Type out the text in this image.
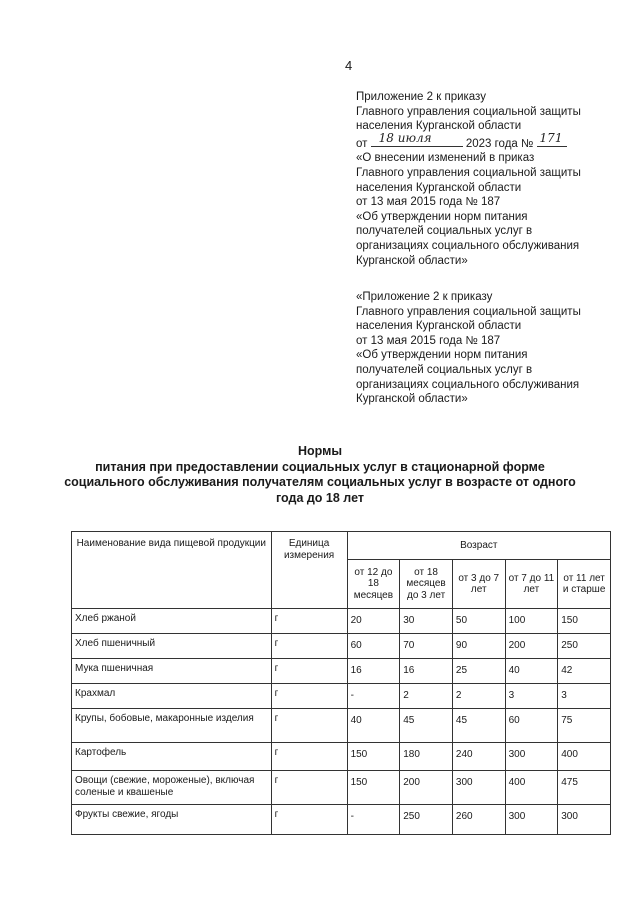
4
Приложение 2 к приказу
Главного управления социальной защиты
населения Курганской области
от 18 июля	2023 года № 171
«О внесении изменений в приказ
Главного управления социальной защиты
населения Курганской области
от 13 мая 2015 года № 187
«Об утверждении норм питания
получателей социальных услуг в
организациях социального обслуживания
Курганской области»
«Приложение 2 к приказу
Главного управления социальной защиты
населения Курганской области
от 13 мая 2015 года № 187
«Об утверждении норм питания
получателей социальных услуг в
организациях социального обслуживания
Курганской области»
Нормы
питания при предоставлении социальных услуг в стационарной форме
социального обслуживания получателям социальных услуг в возрасте от одного
года до 18 лет
Наименование вида пищевой продукции	Единица измерения	Возраст				
		от 12 до 18 месяцев	от 18 месяцев до 3 лет	от 3 до 7 лет	от 7 до 11 лет	от 11 лет и старше
Хлеб ржаной	г	20	30	50	100	150
Хлеб пшеничный	г	60	70	90	200	250
Мука пшеничная	г	16	16	25	40	42
Крахмал	г	-	2	2	3	3
Крупы, бобовые, макаронные изделия	г	40	45	45	60	75
Картофель	г	150	180	240	300	400
Овощи (свежие, мороженые), включая соленые и квашеные	г	150	200	300	400	475
Фрукты свежие, ягоды	г	-	250	260	300	300
